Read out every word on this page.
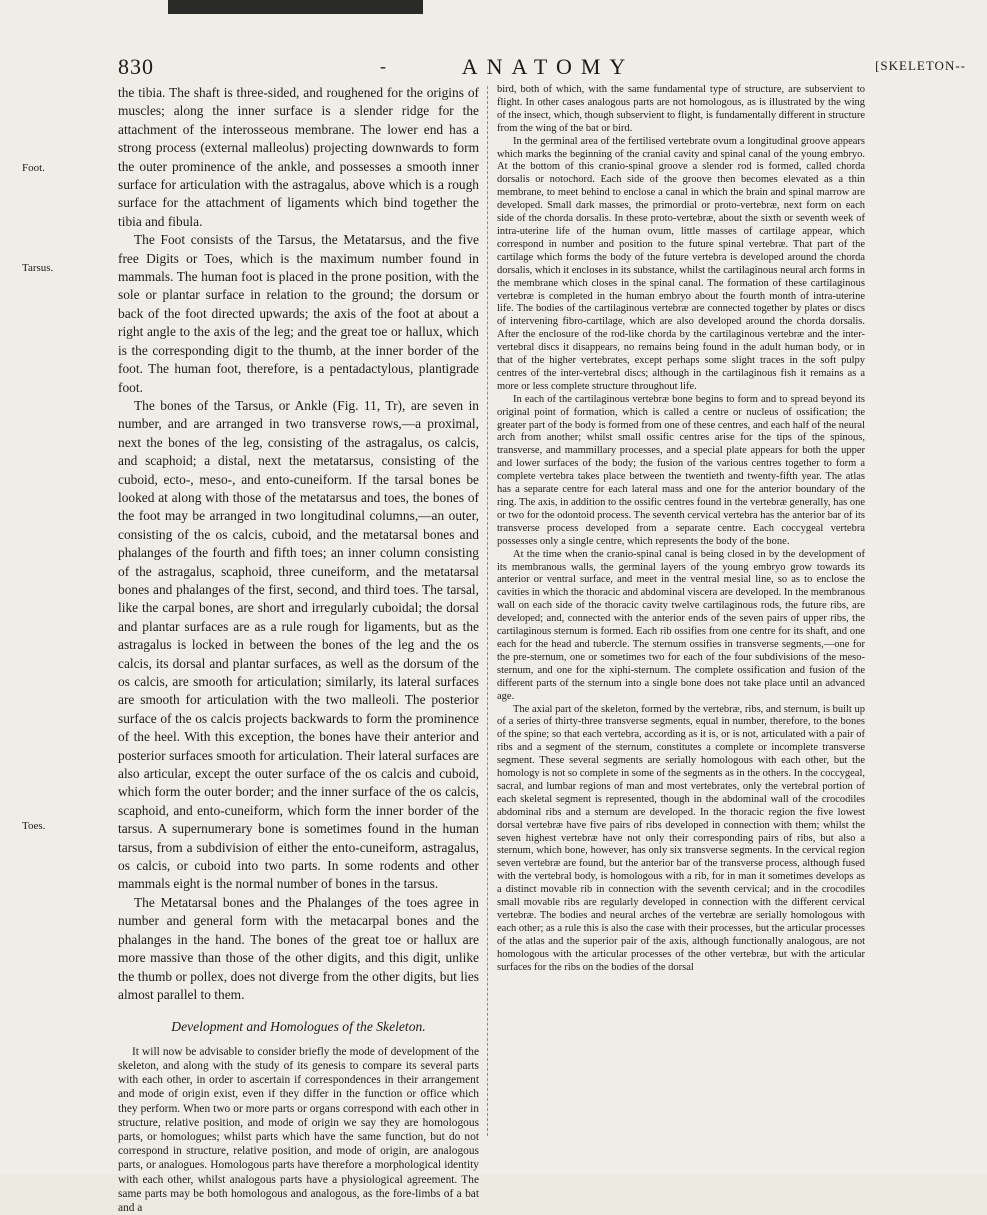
830	-	ANATOMY	[SKELETON--
Foot.
Tarsus.
Toes.

the tibia. The shaft is three-sided, and roughened for the origins of muscles; along the inner surface is a slender ridge for the attachment of the interosseous membrane. The lower end has a strong process (external malleolus) projecting downwards to form the outer prominence of the ankle, and possesses a smooth inner surface for articulation with the astragalus, above which is a rough surface for the attachment of ligaments which bind together the tibia and fibula.

The Foot consists of the Tarsus, the Metatarsus, and the five free Digits or Toes, which is the maximum number found in mammals. The human foot is placed in the prone position, with the sole or plantar surface in relation to the ground; the dorsum or back of the foot directed upwards; the axis of the foot at about a right angle to the axis of the leg; and the great toe or hallux, which is the corresponding digit to the thumb, at the inner border of the foot. The human foot, therefore, is a pentadactylous, plantigrade foot.

The bones of the Tarsus, or Ankle (Fig. 11, Tr), are seven in number, and are arranged in two transverse rows,—a proximal, next the bones of the leg, consisting of the astragalus, os calcis, and scaphoid; a distal, next the metatarsus, consisting of the cuboid, ecto-, meso-, and ento-cuneiform. If the tarsal bones be looked at along with those of the metatarsus and toes, the bones of the foot may be arranged in two longitudinal columns,—an outer, consisting of the os calcis, cuboid, and the metatarsal bones and phalanges of the fourth and fifth toes; an inner column consisting of the astragalus, scaphoid, three cuneiform, and the metatarsal bones and phalanges of the first, second, and third toes. The tarsal, like the carpal bones, are short and irregularly cuboidal; the dorsal and plantar surfaces are as a rule rough for ligaments, but as the astragalus is locked in between the bones of the leg and the os calcis, its dorsal and plantar surfaces, as well as the dorsum of the os calcis, are smooth for articulation; similarly, its lateral surfaces are smooth for articulation with the two malleoli. The posterior surface of the os calcis projects backwards to form the prominence of the heel. With this exception, the bones have their anterior and posterior surfaces smooth for articulation. Their lateral surfaces are also articular, except the outer surface of the os calcis and cuboid, which form the outer border; and the inner surface of the os calcis, scaphoid, and ento-cuneiform, which form the inner border of the tarsus. A supernumerary bone is sometimes found in the human tarsus, from a subdivision of either the ento-cuneiform, astragalus, os calcis, or cuboid into two parts. In some rodents and other mammals eight is the normal number of bones in the tarsus.

The Metatarsal bones and the Phalanges of the toes agree in number and general form with the metacarpal bones and the phalanges in the hand. The bones of the great toe or hallux are more massive than those of the other digits, and this digit, unlike the thumb or pollex, does not diverge from the other digits, but lies almost parallel to them.

Development and Homologues of the Skeleton.

It will now be advisable to consider briefly the mode of development of the skeleton, and along with the study of its genesis to compare its several parts with each other, in order to ascertain if correspondences in their arrangement and mode of origin exist, even if they differ in the function or office which they perform. When two or more parts or organs correspond with each other in structure, relative position, and mode of origin we say they are homologous parts, or homologues; whilst parts which have the same function, but do not correspond in structure, relative position, and mode of origin, are analogous parts, or analogues. Homologous parts have therefore a morphological identity with each other, whilst analogous parts have a physiological agreement. The same parts may be both homologous and analogous, as the fore-limbs of a bat and a

bird, both of which, with the same fundamental type of structure, are subservient to flight. In other cases analogous parts are not homologous, as is illustrated by the wing of the insect, which, though subservient to flight, is fundamentally different in structure from the wing of the bat or bird.

In the germinal area of the fertilised vertebrate ovum a longitudinal groove appears which marks the beginning of the cranial cavity and spinal canal of the young embryo. At the bottom of this cranio-spinal groove a slender rod is formed, called chorda dorsalis or notochord. Each side of the groove then becomes elevated as a thin membrane, to meet behind to enclose a canal in which the brain and spinal marrow are developed. Small dark masses, the primordial or proto-vertebræ, next form on each side of the chorda dorsalis. In these proto-vertebræ, about the sixth or seventh week of intra-uterine life of the human ovum, little masses of cartilage appear, which correspond in number and position to the future spinal vertebræ. That part of the cartilage which forms the body of the future vertebra is developed around the chorda dorsalis, which it encloses in its substance, whilst the cartilaginous neural arch forms in the membrane which closes in the spinal canal. The formation of these cartilaginous vertebræ is completed in the human embryo about the fourth month of intra-uterine life. The bodies of the cartilaginous vertebræ are connected together by plates or discs of intervening fibro-cartilage, which are also developed around the chorda dorsalis. After the enclosure of the rod-like chorda by the cartilaginous vertebræ and the inter-vertebral discs it disappears, no remains being found in the adult human body, or in that of the higher vertebrates, except perhaps some slight traces in the soft pulpy centres of the inter-vertebral discs; although in the cartilaginous fish it remains as a more or less complete structure throughout life.

In each of the cartilaginous vertebræ bone begins to form and to spread beyond its original point of formation, which is called a centre or nucleus of ossification; the greater part of the body is formed from one of these centres, and each half of the neural arch from another; whilst small ossific centres arise for the tips of the spinous, transverse, and mammillary processes, and a special plate appears for both the upper and lower surfaces of the body; the fusion of the various centres together to form a complete vertebra takes place between the twentieth and twenty-fifth year. The atlas has a separate centre for each lateral mass and one for the anterior boundary of the ring. The axis, in addition to the ossific centres found in the vertebræ generally, has one or two for the odontoid process. The seventh cervical vertebra has the anterior bar of its transverse process developed from a separate centre. Each coccygeal vertebra possesses only a single centre, which represents the body of the bone.

At the time when the cranio-spinal canal is being closed in by the development of its membranous walls, the germinal layers of the young embryo grow towards its anterior or ventral surface, and meet in the ventral mesial line, so as to enclose the cavities in which the thoracic and abdominal viscera are developed. In the membranous wall on each side of the thoracic cavity twelve cartilaginous rods, the future ribs, are developed; and, connected with the anterior ends of the seven pairs of upper ribs, the cartilaginous sternum is formed. Each rib ossifies from one centre for its shaft, and one each for the head and tubercle. The sternum ossifies in transverse segments,—one for the pre-sternum, one or sometimes two for each of the four subdivisions of the meso-sternum, and one for the xiphi-sternum. The complete ossification and fusion of the different parts of the sternum into a single bone does not take place until an advanced age.

The axial part of the skeleton, formed by the vertebræ, ribs, and sternum, is built up of a series of thirty-three transverse segments, equal in number, therefore, to the bones of the spine; so that each vertebra, according as it is, or is not, articulated with a pair of ribs and a segment of the sternum, constitutes a complete or incomplete transverse segment. These several segments are serially homologous with each other, but the homology is not so complete in some of the segments as in the others. In the coccygeal, sacral, and lumbar regions of man and most vertebrates, only the vertebral portion of each skeletal segment is represented, though in the abdominal wall of the crocodiles abdominal ribs and a sternum are developed. In the thoracic region the five lowest dorsal vertebræ have five pairs of ribs developed in connection with them; whilst the seven highest vertebræ have not only their corresponding pairs of ribs, but also a sternum, which bone, however, has only six transverse segments. In the cervical region seven vertebræ are found, but the anterior bar of the transverse process, although fused with the vertebral body, is homologous with a rib, for in man it sometimes develops as a distinct movable rib in connection with the seventh cervical; and in the crocodiles small movable ribs are regularly developed in connection with the different cervical vertebræ. The bodies and neural arches of the vertebræ are serially homologous with each other; as a rule this is also the case with their processes, but the articular processes of the atlas and the superior pair of the axis, although functionally analogous, are not homologous with the articular processes of the other vertebræ, but with the articular surfaces for the ribs on the bodies of the dorsal
